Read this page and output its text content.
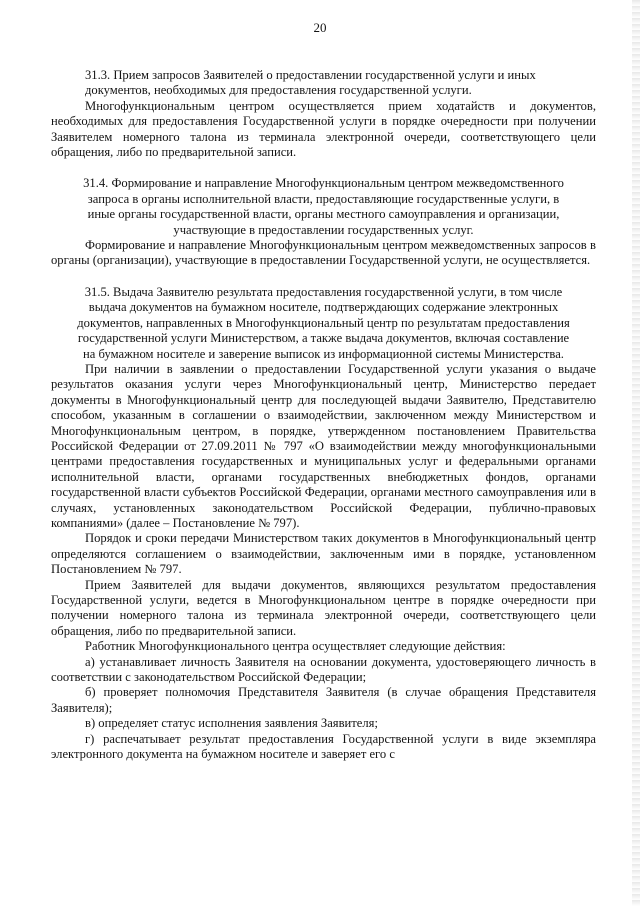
20

31.3. Прием запросов Заявителей о предоставлении государственной услуги и иных документов, необходимых для предоставления государственной услуги.

Многофункциональным центром осуществляется прием ходатайств и документов, необходимых для предоставления Государственной услуги в порядке очередности при получении Заявителем номерного талона из терминала электронной очереди, соответствующего цели обращения, либо по предварительной записи.

31.4. Формирование и направление Многофункциональным центром межведомственного запроса в органы исполнительной власти, предоставляющие государственные услуги, в иные органы государственной власти, органы местного самоуправления и организации, участвующие в предоставлении государственных услуг.

Формирование и направление Многофункциональным центром межведомственных запросов в органы (организации), участвующие в предоставлении Государственной услуги, не осуществляется.

31.5. Выдача Заявителю результата предоставления государственной услуги, в том числе выдача документов на бумажном носителе, подтверждающих содержание электронных документов, направленных в Многофункциональный центр по результатам предоставления государственной услуги Министерством, а также выдача документов, включая составление на бумажном носителе и заверение выписок из информационной системы Министерства.

При наличии в заявлении о предоставлении Государственной услуги указания о выдаче результатов оказания услуги через Многофункциональный центр, Министерство передает документы в Многофункциональный центр для последующей выдачи Заявителю, Представителю способом, указанным в соглашении о взаимодействии, заключенном между Министерством и Многофункциональным центром, в порядке, утвержденном постановлением Правительства Российской Федерации от 27.09.2011 № 797 «О взаимодействии между многофункциональными центрами предоставления государственных и муниципальных услуг и федеральными органами исполнительной власти, органами государственных внебюджетных фондов, органами государственной власти субъектов Российской Федерации, органами местного самоуправления или в случаях, установленных законодательством Российской Федерации, публично-правовых компаниями» (далее – Постановление № 797).

Порядок и сроки передачи Министерством таких документов в Многофункциональный центр определяются соглашением о взаимодействии, заключенным ими в порядке, установленном Постановлением № 797.

Прием Заявителей для выдачи документов, являющихся результатом предоставления Государственной услуги, ведется в Многофункциональном центре в порядке очередности при получении номерного талона из терминала электронной очереди, соответствующего цели обращения, либо по предварительной записи.

Работник Многофункционального центра осуществляет следующие действия:

а) устанавливает личность Заявителя на основании документа, удостоверяющего личность в соответствии с законодательством Российской Федерации;

б) проверяет полномочия Представителя Заявителя (в случае обращения Представителя Заявителя);

в) определяет статус исполнения заявления Заявителя;

г) распечатывает результат предоставления Государственной услуги в виде экземпляра электронного документа на бумажном носителе и заверяет его с
